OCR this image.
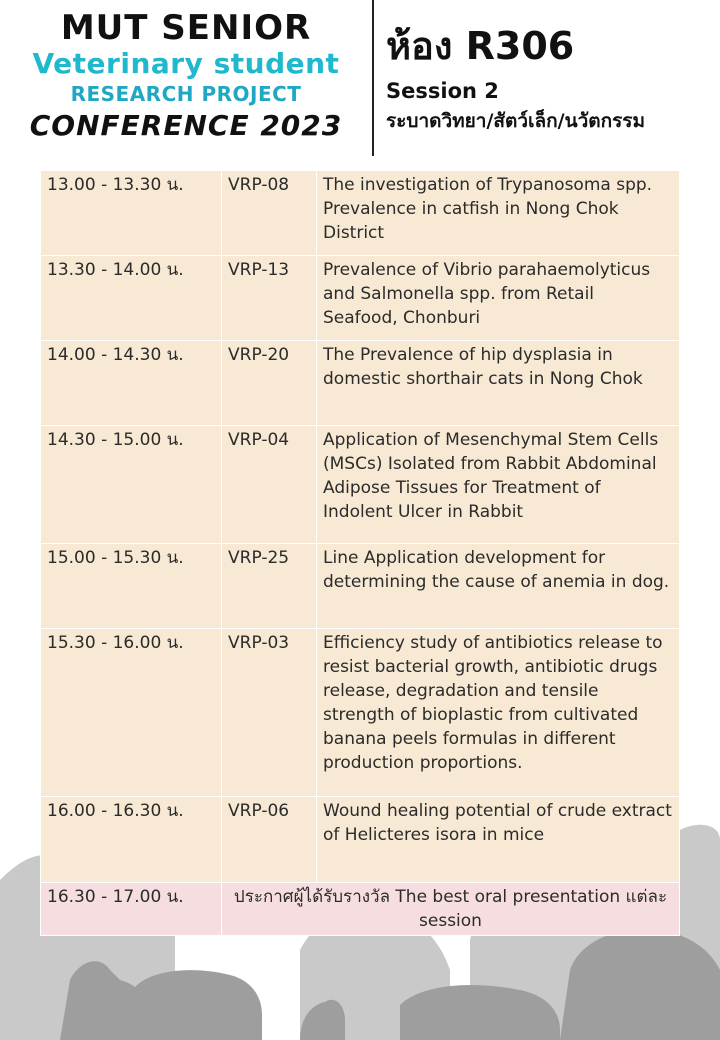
MUT SENIOR
Veterinary student
RESEARCH PROJECT
CONFERENCE 2023
ห้อง R306
Session 2
ระบาดวิทยา/สัตว์เล็ก/นวัตกรรม
13.00 - 13.30 น.	VRP-08	The investigation of Trypanosoma spp. Prevalence in catfish in Nong Chok District
13.30 - 14.00 น.	VRP-13	Prevalence of Vibrio parahaemolyticus and Salmonella spp. from Retail Seafood, Chonburi
14.00 - 14.30 น.	VRP-20	The Prevalence of hip dysplasia in domestic shorthair cats in Nong Chok
14.30 - 15.00 น.	VRP-04	Application of Mesenchymal Stem Cells (MSCs) Isolated from Rabbit Abdominal Adipose Tissues for Treatment of Indolent Ulcer in Rabbit
15.00 - 15.30 น.	VRP-25	Line Application development for determining the cause of anemia in dog.
15.30 - 16.00 น.	VRP-03	Efficiency study of antibiotics release to resist bacterial growth, antibiotic drugs release, degradation and tensile strength of bioplastic from cultivated banana peels formulas in different production proportions.
16.00 - 16.30 น.	VRP-06	Wound healing potential of crude extract of Helicteres isora in mice
16.30 - 17.00 น.	ประกาศผู้ได้รับรางวัล The best oral presentation แต่ละ session	
